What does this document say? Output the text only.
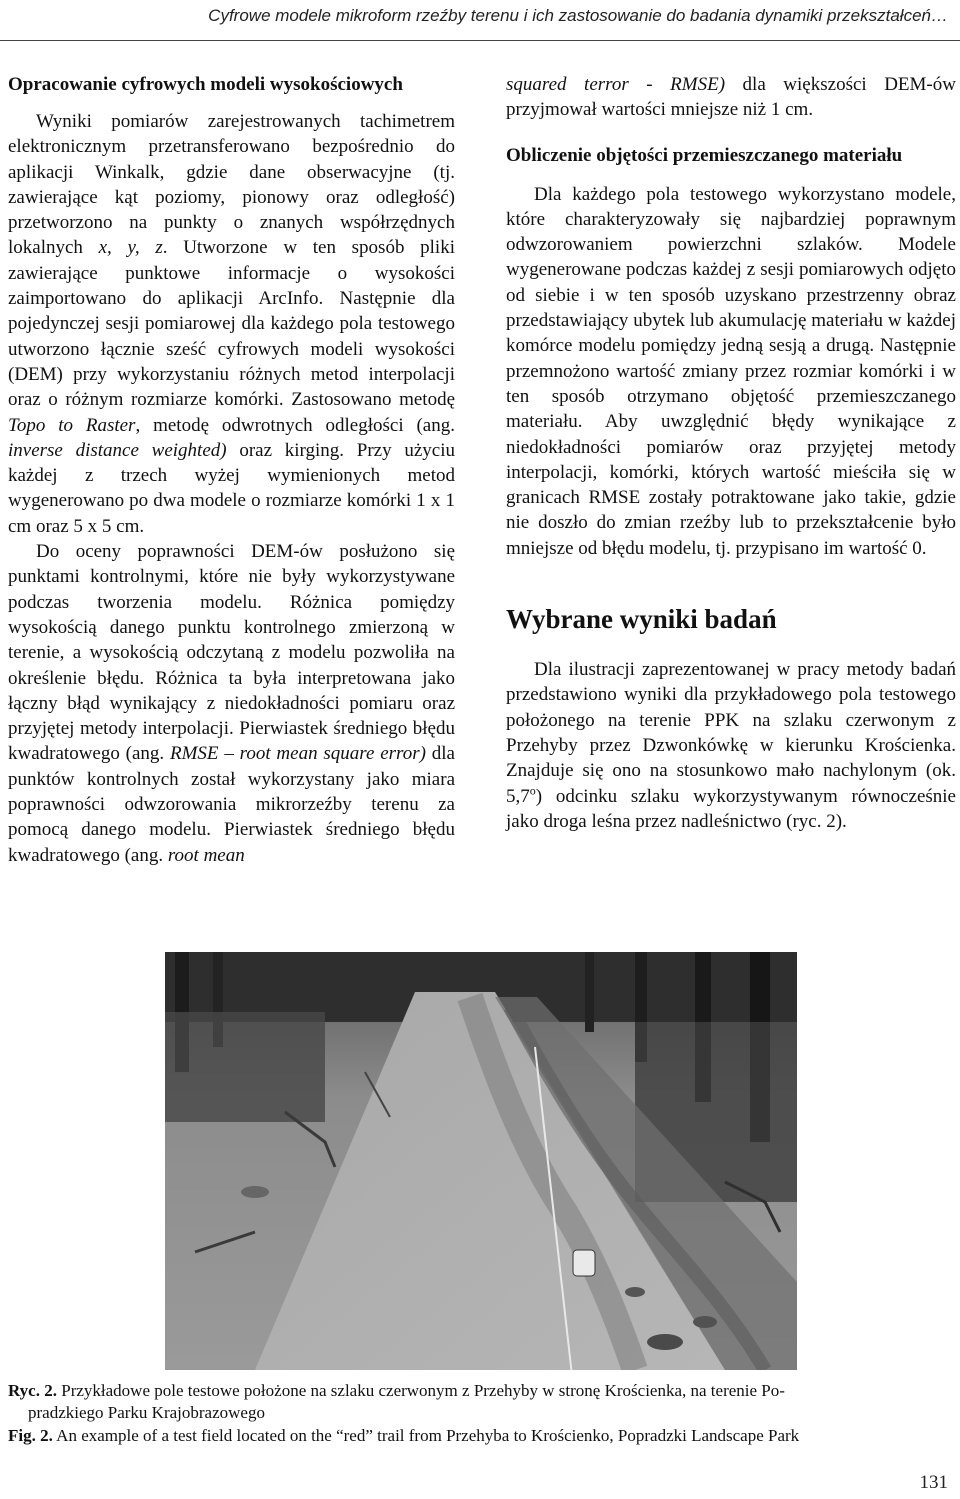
Cyfrowe modele mikroform rzeźby terenu i ich zastosowanie do badania dynamiki przekształceń…
Opracowanie cyfrowych modeli wysokościowych

Wyniki pomiarów zarejestrowanych tachimetrem elektronicznym przetransferowano bezpośrednio do aplikacji Winkalk, gdzie dane obserwacyjne (tj. zawierające kąt poziomy, pionowy oraz odległość) przetworzono na punkty o znanych współrzędnych lokalnych x, y, z. Utworzone w ten sposób pliki zawierające punktowe informacje o wysokości zaimportowano do aplikacji ArcInfo. Następnie dla pojedynczej sesji pomiarowej dla każdego pola testowego utworzono łącznie sześć cyfrowych modeli wysokości (DEM) przy wykorzystaniu różnych metod interpolacji oraz o różnym rozmiarze komórki. Zastosowano metodę Topo to Raster, metodę odwrotnych odległości (ang. inverse distance weighted) oraz kirging. Przy użyciu każdej z trzech wyżej wymienionych metod wygenerowano po dwa modele o rozmiarze komórki 1 x 1 cm oraz 5 x 5 cm.

Do oceny poprawności DEM-ów posłużono się punktami kontrolnymi, które nie były wykorzystywane podczas tworzenia modelu. Różnica pomiędzy wysokością danego punktu kontrolnego zmierzoną w terenie, a wysokością odczytaną z modelu pozwoliła na określenie błędu. Różnica ta była interpretowana jako łączny błąd wynikający z niedokładności pomiaru oraz przyjętej metody interpolacji. Pierwiastek średniego błędu kwadratowego (ang. RMSE – root mean square error) dla punktów kontrolnych został wykorzystany jako miara poprawności odwzorowania mikrorzeźby terenu za pomocą danego modelu. Pierwiastek średniego błędu kwadratowego (ang. root mean

squared terror - RMSE) dla większości DEM-ów przyjmował wartości mniejsze niż 1 cm.

Obliczenie objętości przemieszczanego materiału

Dla każdego pola testowego wykorzystano modele, które charakteryzowały się najbardziej poprawnym odwzorowaniem powierzchni szlaków. Modele wygenerowane podczas każdej z sesji pomiarowych odjęto od siebie i w ten sposób uzyskano przestrzenny obraz przedstawiający ubytek lub akumulację materiału w każdej komórce modelu pomiędzy jedną sesją a drugą. Następnie przemnożono wartość zmiany przez rozmiar komórki i w ten sposób otrzymano objętość przemieszczanego materiału. Aby uwzględnić błędy wynikające z niedokładności pomiarów oraz przyjętej metody interpolacji, komórki, których wartość mieściła się w granicach RMSE zostały potraktowane jako takie, gdzie nie doszło do zmian rzeźby lub to przekształcenie było mniejsze od błędu modelu, tj. przypisano im wartość 0.

Wybrane wyniki badań

Dla ilustracji zaprezentowanej w pracy metody badań przedstawiono wyniki dla przykładowego pola testowego położonego na terenie PPK na szlaku czerwonym z Przehyby przez Dzwonkówkę w kierunku Krościenka. Znajduje się ono na stosunkowo mało nachylonym (ok. 5,7$^o$) odcinku szlaku wykorzystywanym równocześnie jako droga leśna przez nadleśnictwo (ryc. 2).

Ryc. 2. Przykładowe pole testowe położone na szlaku czerwonym z Przehyby w stronę Krościenka, na terenie Po-
pradzkiego Parku Krajobrazowego

Fig. 2. An example of a test field located on the “red” trail from Przehyba to Krościenko, Popradzki Landscape Park

131
